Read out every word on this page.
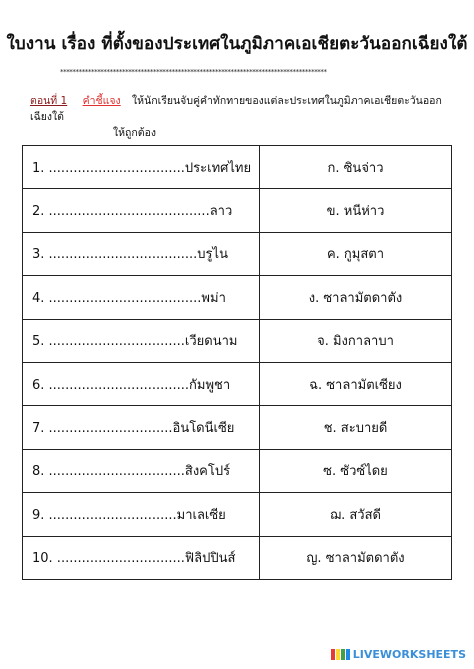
ใบงาน เรื่อง ที่ตั้งของประเทศในภูมิภาคเอเชียตะวันออกเฉียงใต้
**************************************************************************************
ตอนที่ 1 คำชี้แจง ให้นักเรียนจับคู่คำทักทายของแต่ละประเทศในภูมิภาคเอเชียตะวันออกเฉียงใต้
ให้ถูกต้อง
1. .................................ประเทศไทย	ก. ซินจ่าว
2. .......................................ลาว	ข. หนีห่าว
3. ....................................บรูไน	ค. กูมุสตา
4. .....................................พม่า	ง. ซาลามัตดาตัง
5. .................................เวียดนาม	จ. มิงกาลาบา
6. ..................................กัมพูชา	ฉ. ซาลามัตเซียง
7. ..............................อินโดนีเซีย	ช. สะบายดี
8. .................................สิงคโปร์	ซ. ซัวซ์ไดย
9. ...............................มาเลเซีย	ฌ. สวัสดี
10. ...............................ฟิลิปปินส์	ญ. ซาลามัตดาตัง
LIVEWORKSHEETS
